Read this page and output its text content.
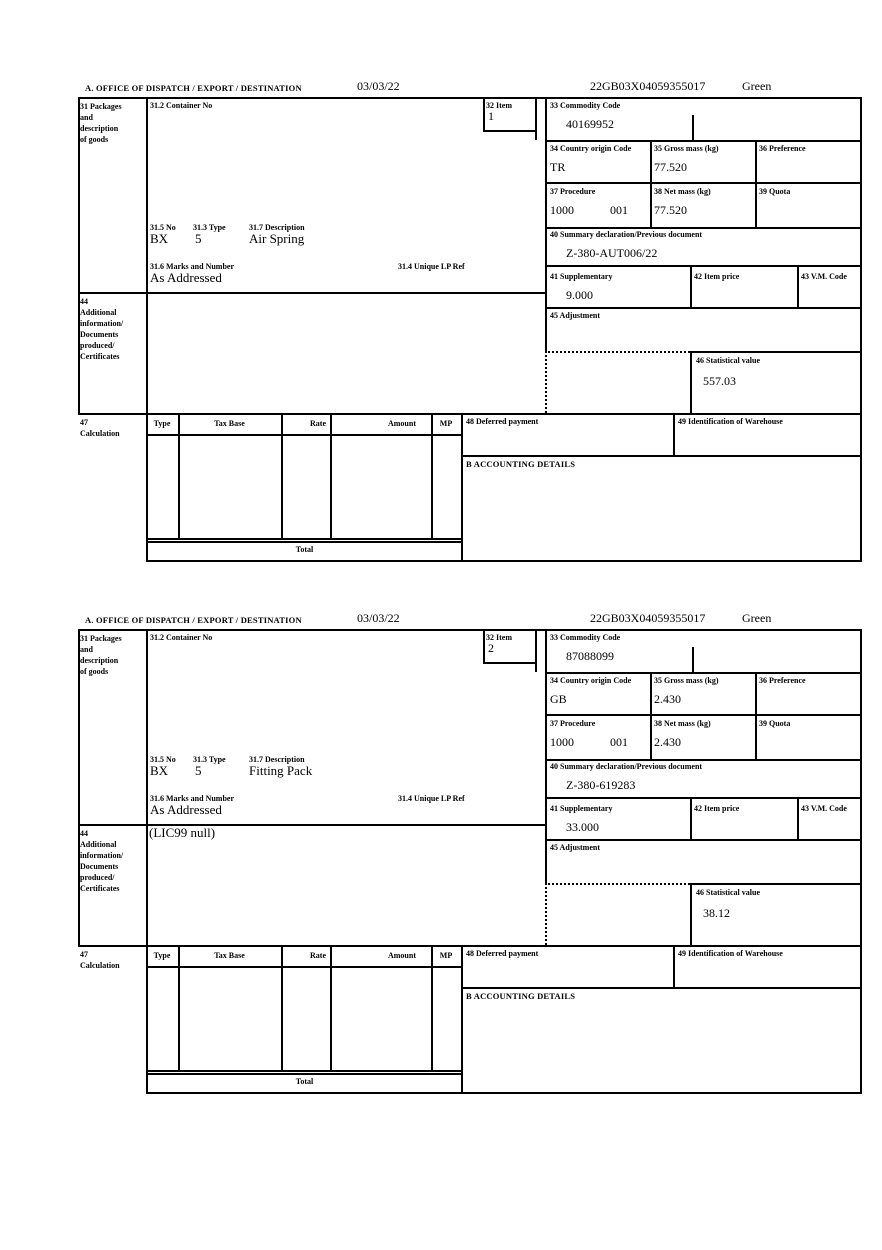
A. OFFICE OF DISPATCH / EXPORT / DESTINATION	03/03/22	22GB03X04059355017	Green
31 Packages
and
description
of goods
31.2 Container No	32 Item
1
33 Commodity Code
40169952
34 Country origin Code
TR
35 Gross mass (kg)
77.520
36 Preference
37 Procedure
1000	001
38 Net mass (kg)
77.520
39 Quota
31.5 No 31.3 Type	31.7 Description
BX 5	Air Spring
31.6 Marks and Number	31.4 Unique LP Ref
As Addressed
40 Summary declaration/Previous document
Z-380-AUT006/22
41 Supplementary
9.000
42 Item price	43 V.M. Code
44
Additional
information/
Documents
produced/
Certificates
45 Adjustment
46 Statistical value
557.03
47
Calculation
Type	Tax Base	Rate	Amount	MP
Total
48 Deferred payment	49 Identification of Warehouse
B ACCOUNTING DETAILS
A. OFFICE OF DISPATCH / EXPORT / DESTINATION	03/03/22	22GB03X04059355017	Green
31 Packages
and
description
of goods
31.2 Container No	32 Item
2
33 Commodity Code
87088099
34 Country origin Code
GB
35 Gross mass (kg)
2.430
36 Preference
37 Procedure
1000	001
38 Net mass (kg)
2.430
39 Quota
31.5 No 31.3 Type	31.7 Description
BX 5	Fitting Pack
31.6 Marks and Number	31.4 Unique LP Ref
As Addressed
40 Summary declaration/Previous document
Z-380-619283
41 Supplementary
33.000
42 Item price	43 V.M. Code
44
Additional
information/
Documents
produced/
Certificates
(LIC99 null)
45 Adjustment
46 Statistical value
38.12
47
Calculation
Type	Tax Base	Rate	Amount	MP
Total
48 Deferred payment	49 Identification of Warehouse
B ACCOUNTING DETAILS
